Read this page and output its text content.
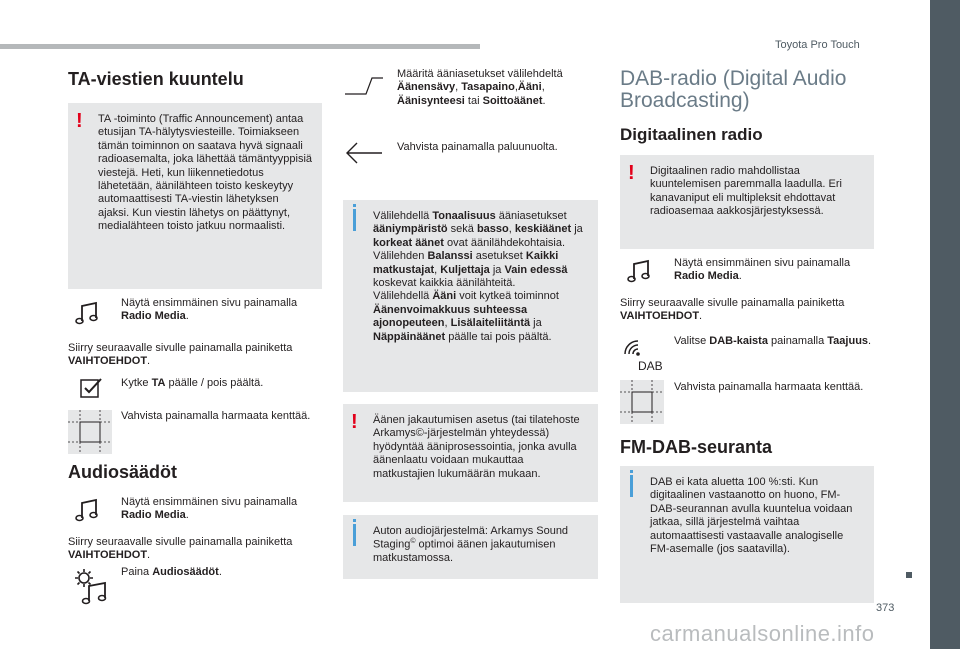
Toyota Pro Touch
373
carmanualsonline.info
TA-viestien kuuntelu
!	TA -toiminto (Traffic Announcement) antaa etusijan TA-hälytysviesteille. Toimiakseen tämän toiminnon on saatava hyvä signaali radioasemalta, joka lähettää tämäntyyppisiä viestejä. Heti, kun liikennetiedotus lähetetään, äänilähteen toisto keskeytyy automaattisesti TA-viestin lähetyksen ajaksi. Kun viestin lähetys on päättynyt, medialähteen toisto jatkuu normaalisti.
Näytä ensimmäinen sivu painamalla Radio Media.
Siirry seuraavalle sivulle painamalla painiketta VAIHTOEHDOT.
Kytke TA päälle / pois päältä.
Vahvista painamalla harmaata kenttää.
Audiosäädöt
Näytä ensimmäinen sivu painamalla Radio Media.
Siirry seuraavalle sivulle painamalla painiketta VAIHTOEHDOT.
Paina Audiosäädöt.
Määritä ääniasetukset välilehdeltä Äänensävy, Tasapaino,Ääni, Äänisynteesi tai Soittoäänet.
Vahvista painamalla paluunuolta.
Välilehdellä Tonaalisuus ääniasetukset ääniympäristö sekä basso, keskiäänet ja korkeat äänet ovat äänilähdekohtaisia.
Välilehden Balanssi asetukset Kaikki matkustajat, Kuljettaja ja Vain edessä koskevat kaikkia äänilähteitä.
Välilehdellä Ääni voit kytkeä toiminnot Äänenvoimakkuus suhteessa ajonopeuteen, Lisälaiteliitäntä ja Näppäinäänet päälle tai pois päältä.
!	Äänen jakautumisen asetus (tai tilatehoste Arkamys©-järjestelmän yhteydessä) hyödyntää ääniprosessointia, jonka avulla äänenlaatu voidaan mukauttaa matkustajien lukumäärän mukaan.
Auton audiojärjestelmä: Arkamys Sound Staging© optimoi äänen jakautumisen matkustamossa.
DAB-radio (Digital Audio Broadcasting)
Digitaalinen radio
!	Digitaalinen radio mahdollistaa kuuntelemisen paremmalla laadulla. Eri kanavaniput eli multipleksit ehdottavat radioasemaa aakkosjärjestyksessä.
Näytä ensimmäinen sivu painamalla Radio Media.
Siirry seuraavalle sivulle painamalla painiketta VAIHTOEHDOT.
DAB
Valitse DAB-kaista painamalla Taajuus.
Vahvista painamalla harmaata kenttää.
FM-DAB-seuranta
DAB ei kata aluetta 100 %:sti. Kun digitaalinen vastaanotto on huono, FM-DAB-seurannan avulla kuuntelua voidaan jatkaa, sillä järjestelmä vaihtaa automaattisesti vastaavalle analogiselle FM-asemalle (jos saatavilla).
